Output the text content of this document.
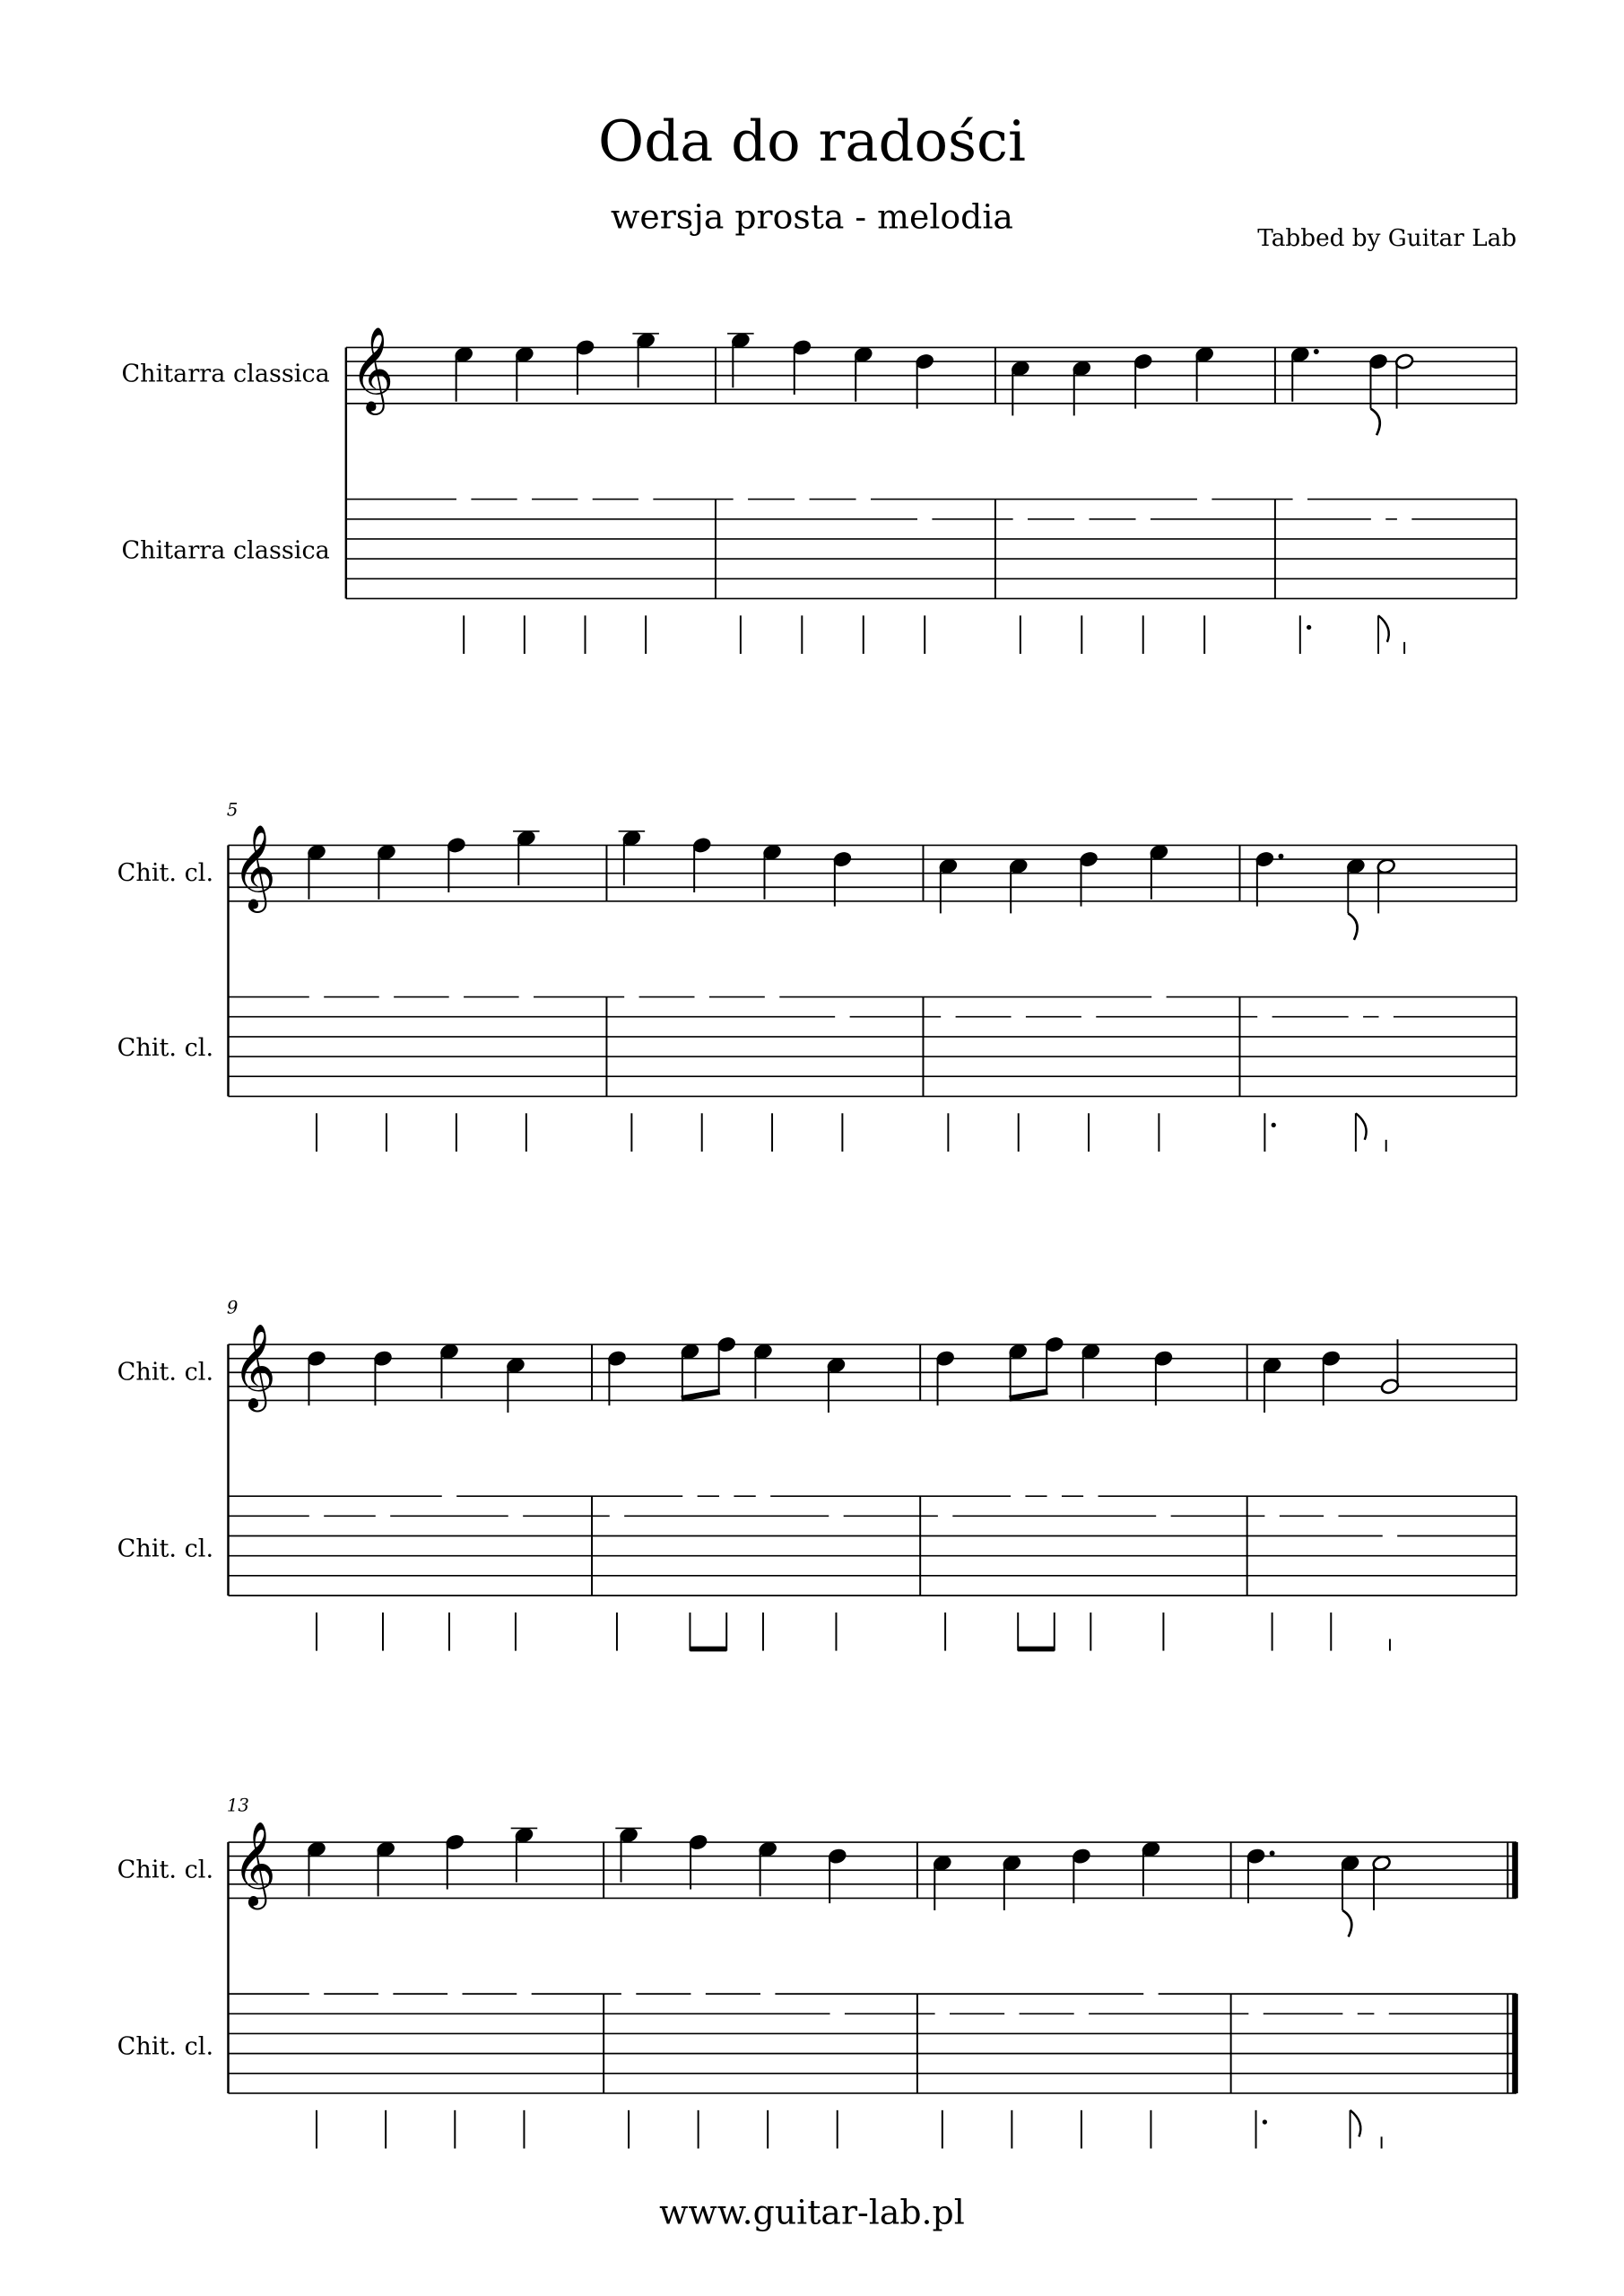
Oda do radości
wersja prosta - melodia
Tabbed by Guitar Lab
Chitarra classica
Chitarra classica
Chit. cl.
Chit. cl.
5
Chit. cl.
Chit. cl.
9
Chit. cl.
Chit. cl.
13
𝄞
𝄞
𝄞
𝄞
www.guitar-lab.pl
